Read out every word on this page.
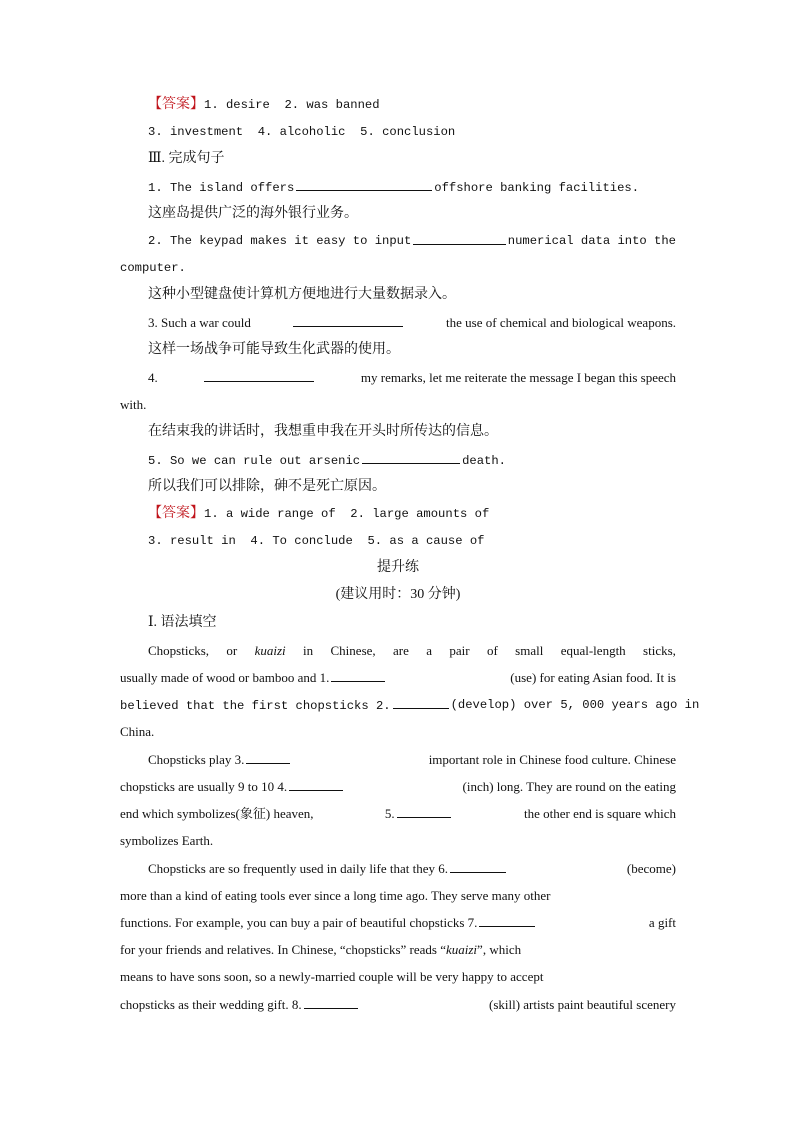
【答案】1. desire 2. was banned
3. investment 4. alcoholic 5. conclusion
Ⅲ. 完成句子
1. The island offers	offshore banking facilities.
这座岛提供广泛的海外银行业务。
2. The keypad makes it easy to input	numerical data into the
computer.
这种小型键盘使计算机方便地进行大量数据录入。
3. Such a war could	the use of chemical and biological weapons.
这样一场战争可能导致生化武器的使用。
4.	my remarks, let me reiterate the message I began this speech
with.
在结束我的讲话时，我想重申我在开头时所传达的信息。
5. So we can rule out arsenic	death.
所以我们可以排除，砷不是死亡原因。
【答案】1. a wide range of 2. large amounts of
3. result in 4. To conclude 5. as a cause of
提升练
(建议用时：30 分钟)
Ⅰ. 语法填空
Chopsticks, or kuaizi in Chinese, are a pair of small equal-length sticks,
usually made of wood or bamboo and 1.	(use) for eating Asian food. It is
believed that the first chopsticks 2.	(develop) over 5, 000 years ago in
China.
Chopsticks play 3.	important role in Chinese food culture. Chinese
chopsticks are usually 9 to 10 4.	(inch) long. They are round on the eating
end which symbolizes(象征) heaven,	5.	the other end is square which
symbolizes Earth.
Chopsticks are so frequently used in daily life that they 6.	(become)
more than a kind of eating tools ever since a long time ago. They serve many other
functions. For example, you can buy a pair of beautiful chopsticks 7.	a gift
for your friends and relatives. In Chinese, “chopsticks” reads “kuaizi”, which
means to have sons soon, so a newly-married couple will be very happy to accept
chopsticks as their wedding gift. 8.	(skill) artists paint beautiful scenery
